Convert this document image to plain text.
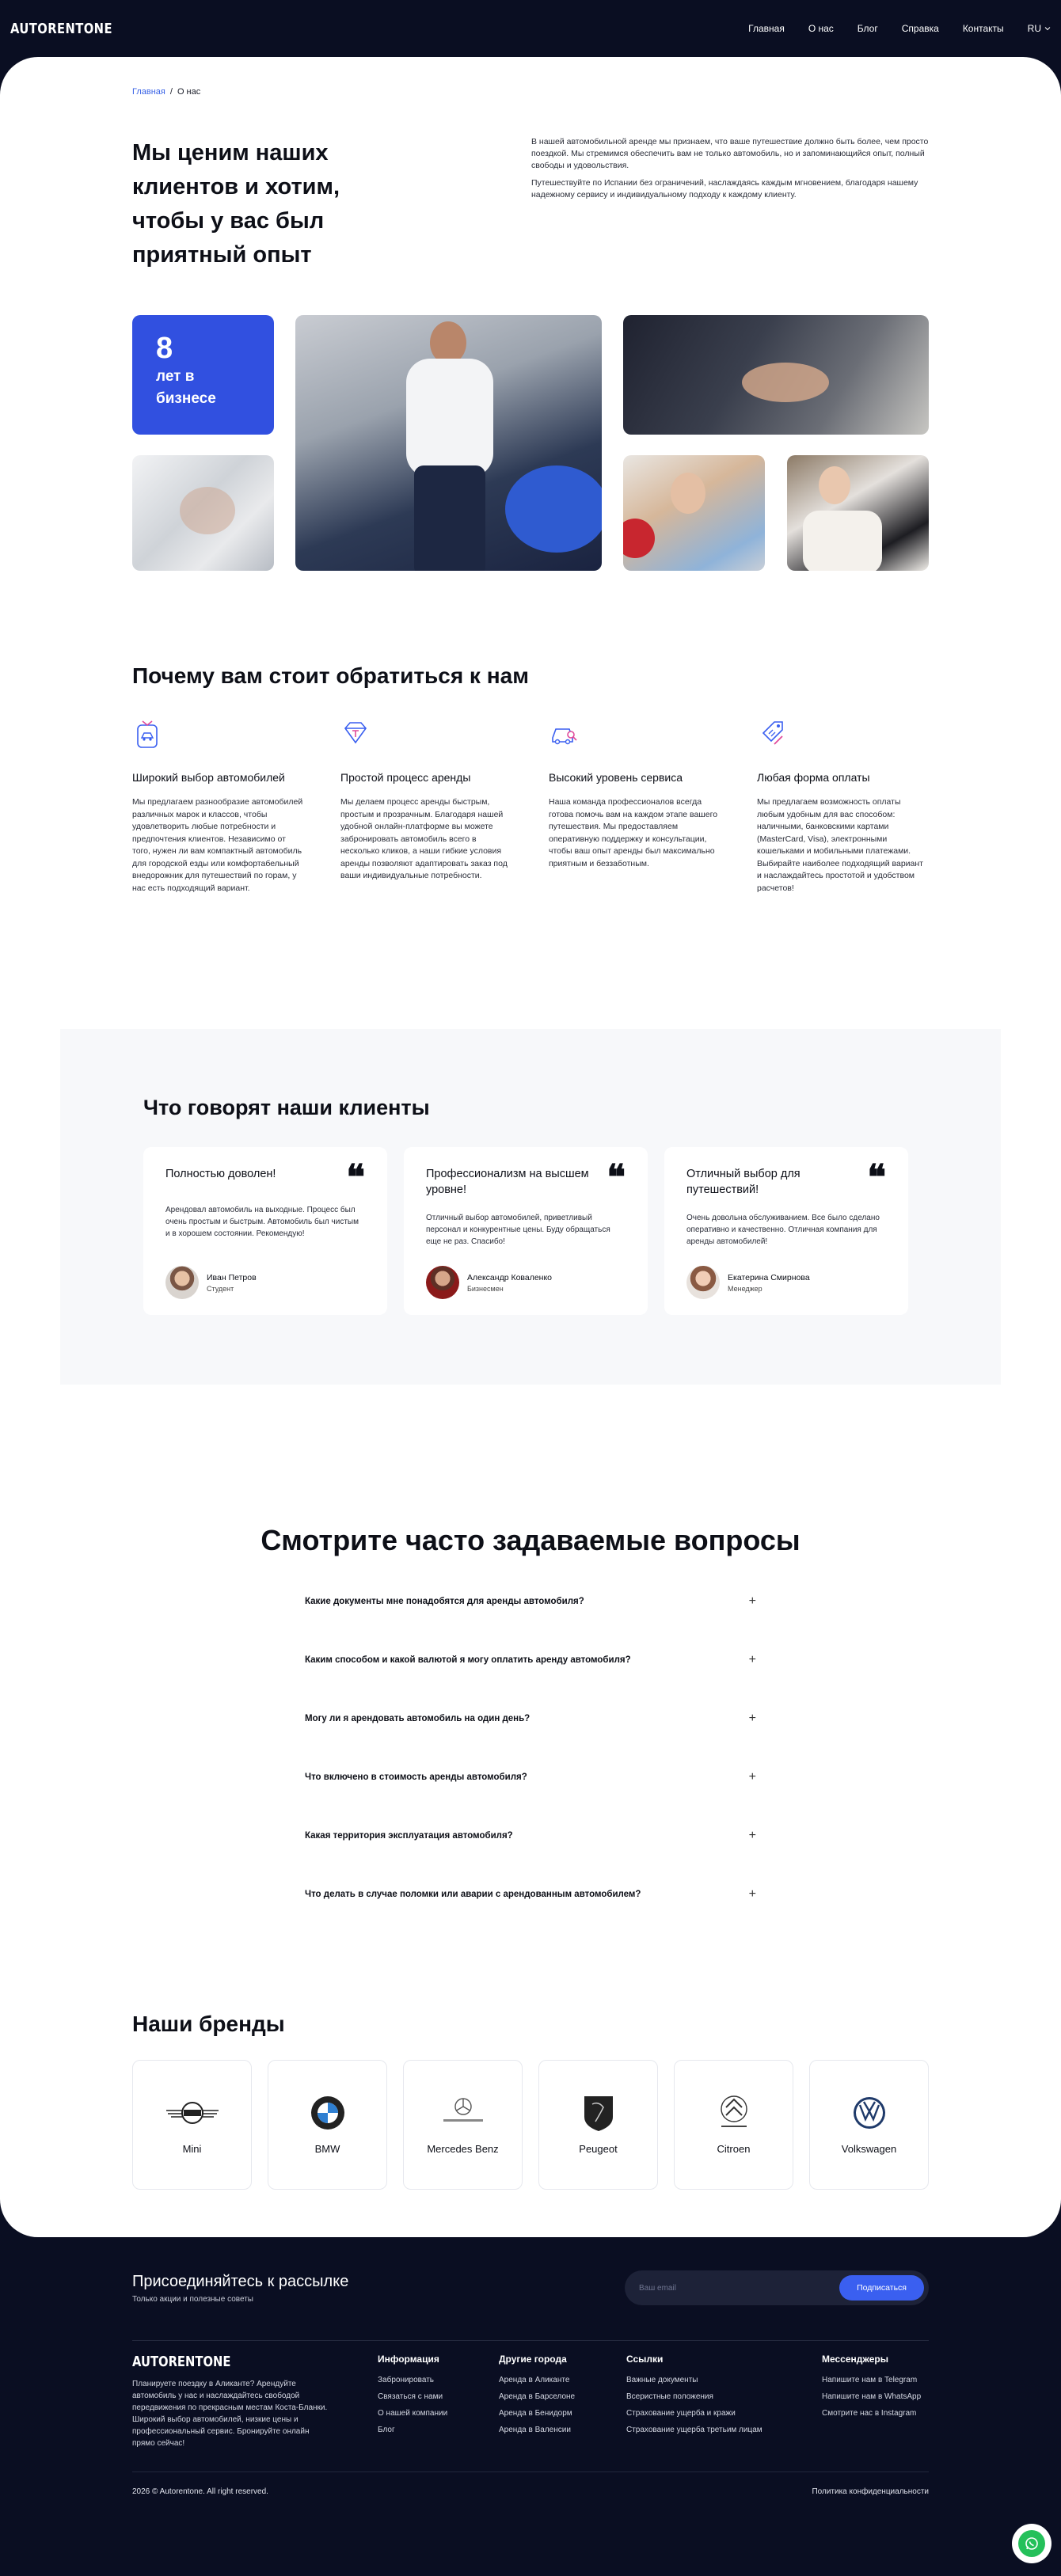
AUTORENTONE	Главная	О нас	Блог	Справка	Контакты	RU
Главная / О нас
Мы ценим наших клиентов и хотим, чтобы у вас был приятный опыт

В нашей автомобильной аренде мы признаем, что ваше путешествие должно быть более, чем просто поездкой. Мы стремимся обеспечить вам не только автомобиль, но и запоминающийся опыт, полный свободы и удовольствия.

Путешествуйте по Испании без ограничений, наслаждаясь каждым мгновением, благодаря нашему надежному сервису и индивидуальному подходу к каждому клиенту.

8
лет в бизнесе
Почему вам стоит обратиться к нам
Широкий выбор автомобилей

Мы предлагаем разнообразие автомобилей различных марок и классов, чтобы удовлетворить любые потребности и предпочтения клиентов. Независимо от того, нужен ли вам компактный автомобиль для городской езды или комфортабельный внедорожник для путешествий по горам, у нас есть подходящий вариант.

Простой процесс аренды

Мы делаем процесс аренды быстрым, простым и прозрачным. Благодаря нашей удобной онлайн-платформе вы можете забронировать автомобиль всего в несколько кликов, а наши гибкие условия аренды позволяют адаптировать заказ под ваши индивидуальные потребности.

Высокий уровень сервиса

Наша команда профессионалов всегда готова помочь вам на каждом этапе вашего путешествия. Мы предоставляем оперативную поддержку и консультации, чтобы ваш опыт аренды был максимально приятным и беззаботным.

Любая форма оплаты

Мы предлагаем возможность оплаты любым удобным для вас способом: наличными, банковскими картами (MasterCard, Visa), электронными кошельками и мобильными платежами. Выбирайте наиболее подходящий вариант и наслаждайтесь простотой и удобством расчетов!

Что говорят наши клиенты
Полностью доволен!	❝
Арендовал автомобиль на выходные. Процесс был очень простым и быстрым. Автомобиль был чистым и в хорошем состоянии. Рекомендую!
Иван Петров
Студент
Профессионализм на высшем уровне!	❝
Отличный выбор автомобилей, приветливый персонал и конкурентные цены. Буду обращаться еще не раз. Спасибо!
Александр Коваленко
Бизнесмен
Отличный выбор для путешествий!	❝
Очень довольна обслуживанием. Все было сделано оперативно и качественно. Отличная компания для аренды автомобилей!
Екатерина Смирнова
Менеджер
Смотрите часто задаваемые вопросы
Какие документы мне понадобятся для аренды автомобиля?	+
Каким способом и какой валютой я могу оплатить аренду автомобиля?	+
Могу ли я арендовать автомобиль на один день?	+
Что включено в стоимость аренды автомобиля?	+
Какая территория эксплуатация автомобиля?	+
Что делать в случае поломки или аварии с арендованным автомобилем?	+
Наши бренды
Mini	BMW	Mercedes Benz	Peugeot	Citroen	Volkswagen
Присоединяйтесь к рассылке
Только акции и полезные советы
Ваш email
Подписаться
AUTORENTONE
Планируете поездку в Аликанте? Арендуйте автомобиль у нас и наслаждайтесь свободой передвижения по прекрасным местам Коста-Бланки. Широкий выбор автомобилей, низкие цены и профессиональный сервис. Бронируйте онлайн прямо сейчас!
Информация
Забронировать
Связаться с нами
О нашей компании
Блог
Другие города
Аренда в Аликанте
Аренда в Барселоне
Аренда в Бенидорм
Аренда в Валенсии
Ссылки
Важные документы
Всеристные положения
Страхование ущерба и кражи
Страхование ущерба третьим лицам
Мессенджеры
Напишите нам в Telegram
Напишите нам в WhatsApp
Смотрите нас в Instagram
2026 © Autorentone. All right reserved.	Политика конфиденциальности
